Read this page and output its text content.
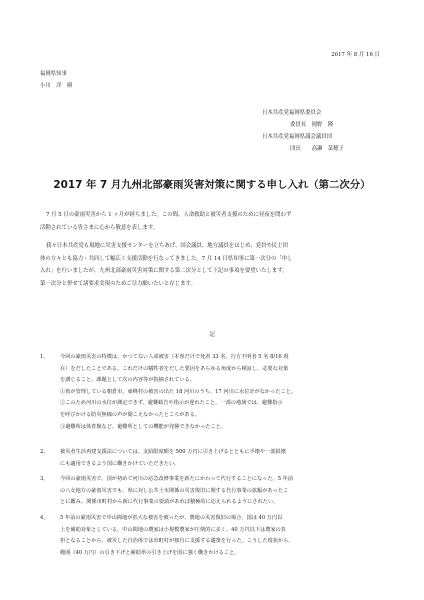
2017 年 8 月 16 日
福岡県知事
小川　洋　殿
日本共産党福岡県委員会
委員長　岡野　隆
日本共産党福岡県議会議員団
団長　　高瀬　菜穂子
2017 年 7 月九州北部豪雨災害対策に関する申し入れ（第二次分）

7 月 5 日の豪雨災害から 1 ヶ月が経ちました。この間、人命救助と被災者支援のために昼夜を問わず

活動されている皆さまに心から敬意を表します。

我々日本共産党も現地に災害支援センターを立ちあげ、国会議員、地方議員をはじめ、党員や民主団

体の方々とも協力・共同して幅広く支援活動を行なってきました。7 月 14 日県知事に第一次分の「申し
入れ」を行いましたが、九州北部豪雨災害対策に関する第二次分として下記の事項を要望いたします。
第一次分と併せて諸要求実現のためご尽力願いたいと存じます。
記
1、 今回の豪雨災害の特徴は、かつてない人命被害（本県だけで死者 33 名、行方不明者 5 名 8/16 現
在）をだしたことである。これだけの犠牲者をだした要因をあらゆる角度から検証し、必要な対策
を講じること。課題として次の内容等が指摘されている。
①県が管理している朝倉市、東峰村の被害の出た 18 河川のうち、17 河川に水位計がなかったこと。
②このため河川の水位が測定できず、避難勧告や指示が遅れたこと。一部の地域では、避難指示
を呼びかける防災無線の声が聞こえなかったところがある。
③避難所は体育館など、避難所としての機能が発揮できなかったこと。
2、 被災者生活再建支援法については、支給限度額を 500 万円に引き上げるとともに半壊や一部損壊
にも適用できるよう国に働きかけていただきたい。
3、 今回の豪雨災害で、国が初めて河川の応急改修事業を新たにかわって代行することになった。5 年前
の八女地方の豪雨災害でも、県に対し公共土木関係の災害復旧に関する代行事業の拡幅があったこ
とに鑑み、関係市町村から新に代行事業の要請があれば積極的に応えられるようにされたい。
4、 5 年前の豪雨災害で中山間地が甚大な被害を被ったが、農地の災害復旧の場合、国は 40 万円以
上を補助対象としている。中山間地の農家は小規模農家が圧倒的に多く、40 万円以下は農家の負
担となることから、被災した自治体では市町村が独自に支援する適策を行った。こうした現状から、
範囲（40 万円）の引き下げと補助率の引き上げを国に強く働きかけること。
